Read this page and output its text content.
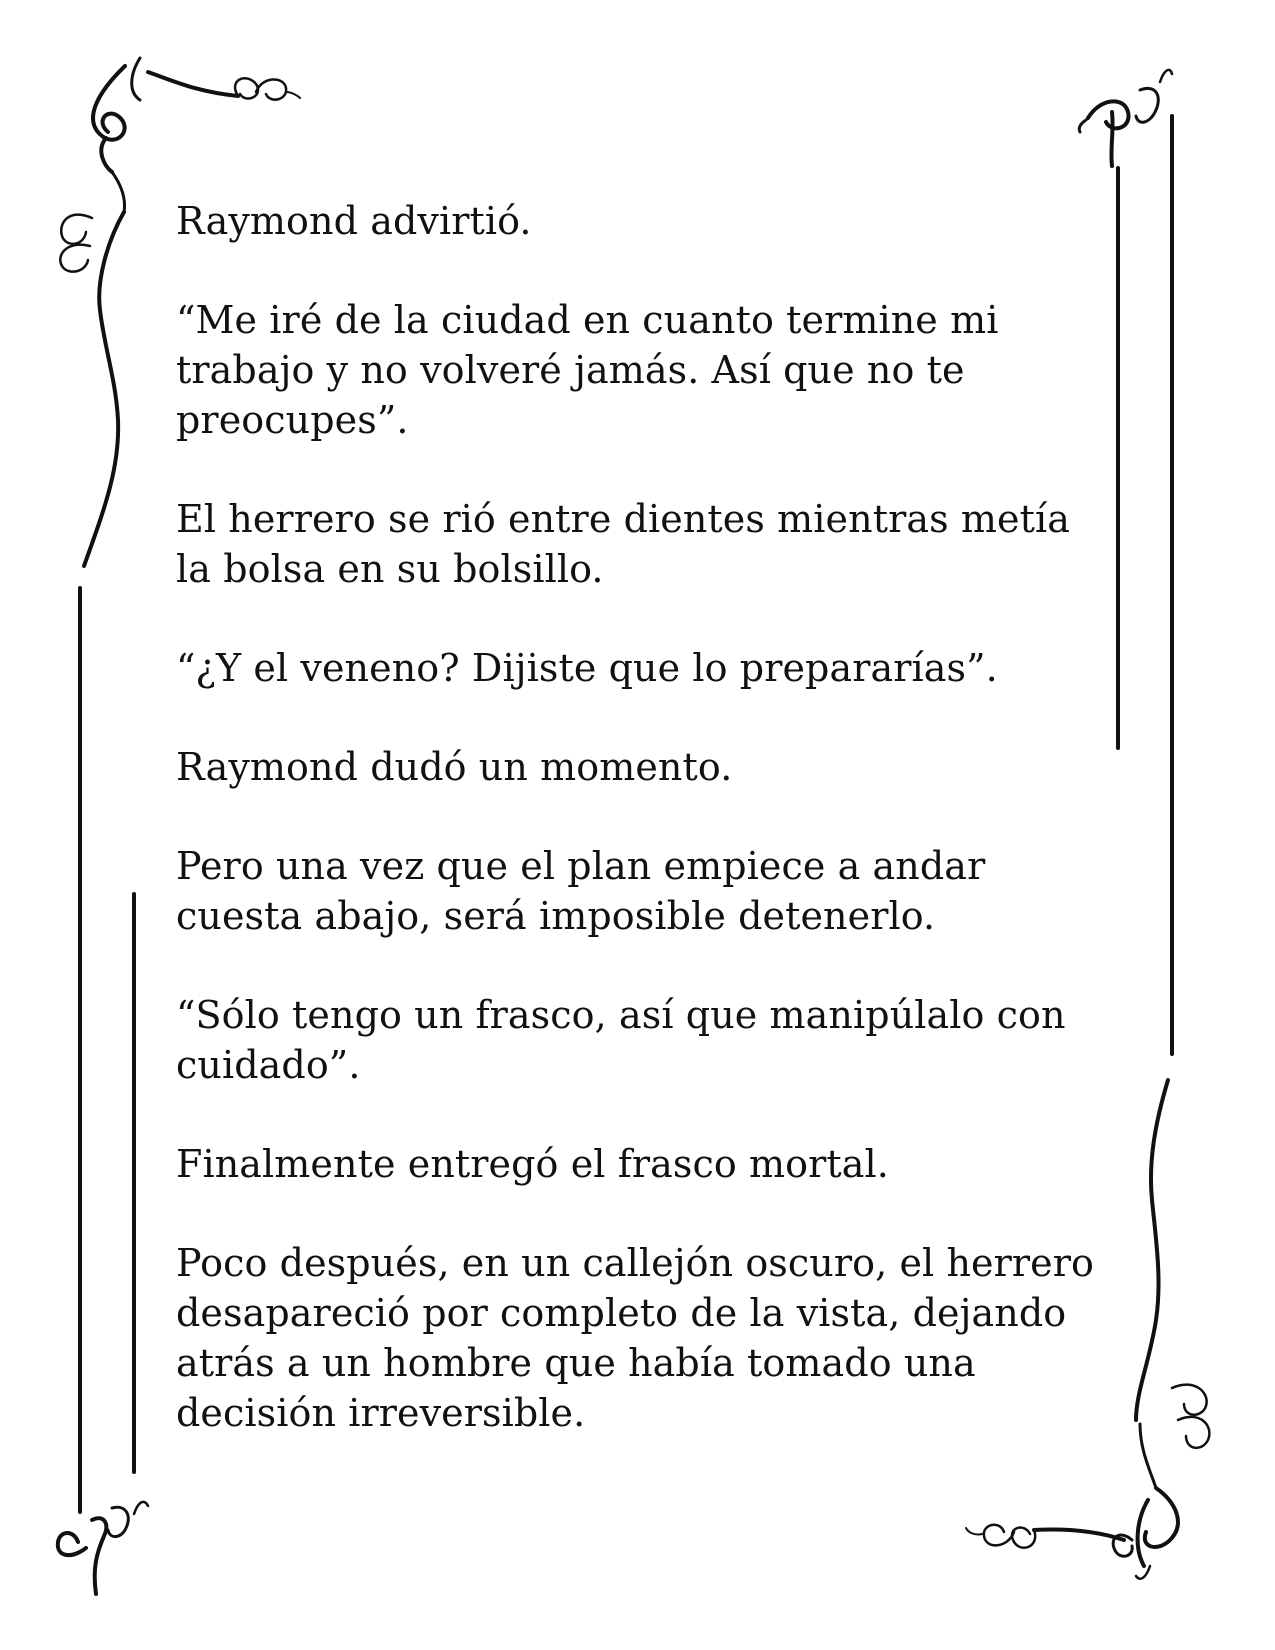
Raymond advirtió.

“Me iré de la ciudad en cuanto termine mi
trabajo y no volveré jamás. Así que no te
preocupes”.

El herrero se rió entre dientes mientras metía
la bolsa en su bolsillo.

“¿Y el veneno? Dijiste que lo prepararías”.

Raymond dudó un momento.

Pero una vez que el plan empiece a andar
cuesta abajo, será imposible detenerlo.

“Sólo tengo un frasco, así que manipúlalo con
cuidado”.

Finalmente entregó el frasco mortal.

Poco después, en un callejón oscuro, el herrero
desapareció por completo de la vista, dejando
atrás a un hombre que había tomado una
decisión irreversible.
